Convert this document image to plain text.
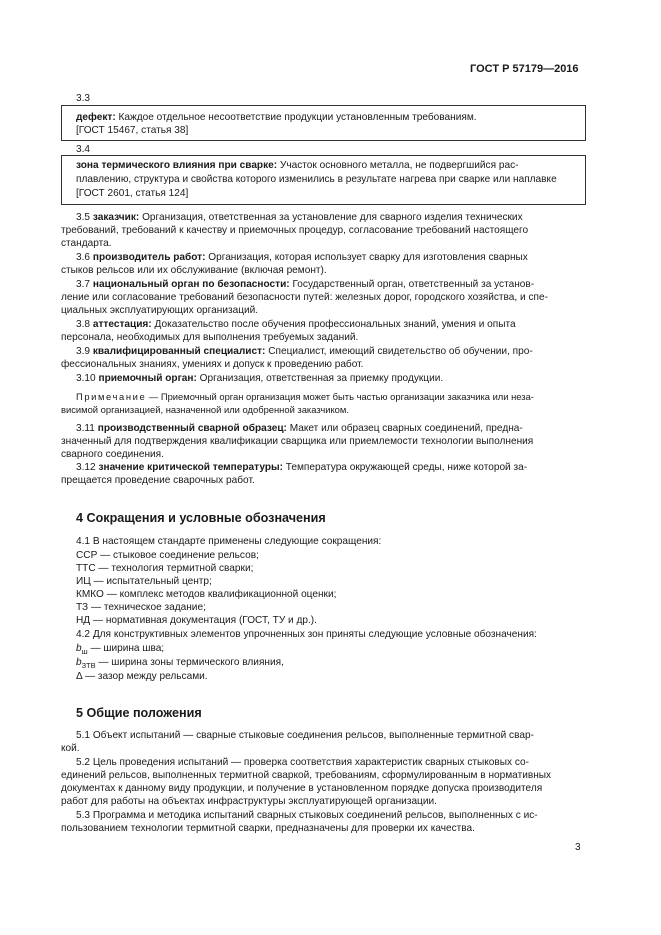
ГОСТ Р 57179—2016
3.3
дефект: Каждое отдельное несоответствие продукции установленным требованиям.
[ГОСТ 15467, статья 38]
3.4
зона термического влияния при сварке: Участок основного металла, не подвергшийся рас-
плавлению, структура и свойства которого изменились в результате нагрева при сварке или наплавке
[ГОСТ 2601, статья 124]
3.5 заказчик: Организация, ответственная за установление для сварного изделия технических
требований, требований к качеству и приемочных процедур, согласование требований настоящего
стандарта.
3.6 производитель работ: Организация, которая использует сварку для изготовления сварных
стыков рельсов или их обслуживание (включая ремонт).
3.7 национальный орган по безопасности: Государственный орган, ответственный за установ-
ление или согласование требований безопасности путей: железных дорог, городского хозяйства, и спе-
циальных эксплуатирующих организаций.
3.8 аттестация: Доказательство после обучения профессиональных знаний, умения и опыта
персонала, необходимых для выполнения требуемых заданий.
3.9 квалифицированный специалист: Специалист, имеющий свидетельство об обучении, про-
фессиональных знаниях, умениях и допуск к проведению работ.
3.10 приемочный орган: Организация, ответственная за приемку продукции.
Примечание — Приемочный орган организация может быть частью организации заказчика или неза-
висимой организацией, назначенной или одобренной заказчиком.
3.11 производственный сварной образец: Макет или образец сварных соединений, предна-
значенный для подтверждения квалификации сварщика или приемлемости технологии выполнения
сварного соединения.
3.12 значение критической температуры: Температура окружающей среды, ниже которой за-
прещается проведение сварочных работ.
4 Сокращения и условные обозначения
4.1 В настоящем стандарте применены следующие сокращения:
ССР — стыковое соединение рельсов;
ТТС — технология термитной сварки;
ИЦ — испытательный центр;
КМКО — комплекс методов квалификационной оценки;
ТЗ — техническое задание;
НД — нормативная документация (ГОСТ, ТУ и др.).
4.2 Для конструктивных элементов упрочненных зон приняты следующие условные обозначения:
$b_ш$ — ширина шва;
$b_{ЗТВ}$ — ширина зоны термического влияния,
Δ — зазор между рельсами.
5 Общие положения
5.1 Объект испытаний — сварные стыковые соединения рельсов, выполненные термитной свар-
кой.
5.2 Цель проведения испытаний — проверка соответствия характеристик сварных стыковых со-
единений рельсов, выполненных термитной сваркой, требованиям, сформулированным в нормативных
документах к данному виду продукции, и получение в установленном порядке допуска производителя
работ для работы на объектах инфраструктуры эксплуатирующей организации.
5.3 Программа и методика испытаний сварных стыковых соединений рельсов, выполненных с ис-
пользованием технологии термитной сварки, предназначены для проверки их качества.
3
